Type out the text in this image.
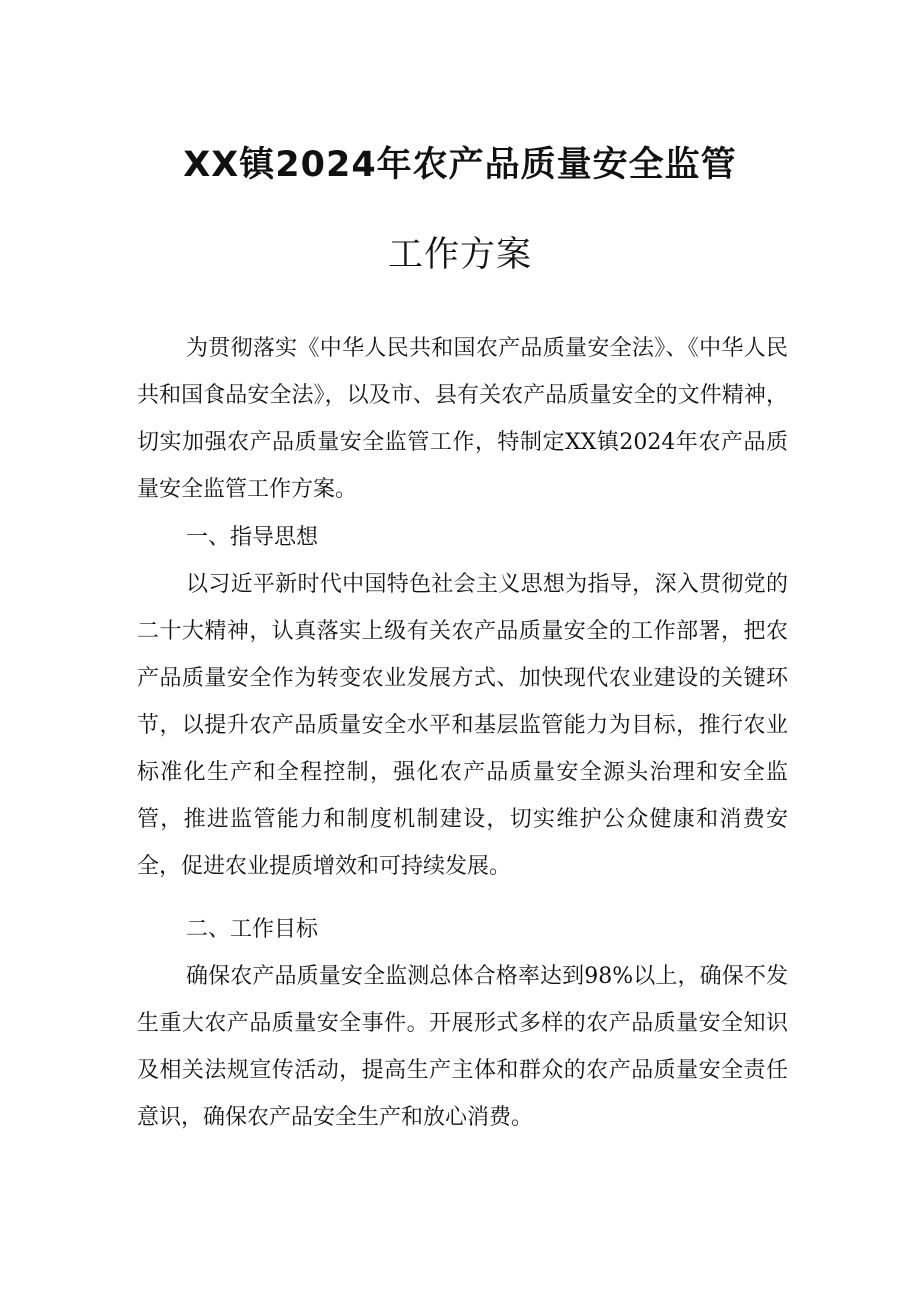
XX镇2024年农产品质量安全监管
工作方案

为贯彻落实《中华人民共和国农产品质量安全法》、《中华人民共和国食品安全法》，以及市、县有关农产品质量安全的文件精神，切实加强农产品质量安全监管工作，特制定XX镇2024年农产品质量安全监管工作方案。

一、指导思想

以习近平新时代中国特色社会主义思想为指导，深入贯彻党的二十大精神，认真落实上级有关农产品质量安全的工作部署，把农产品质量安全作为转变农业发展方式、加快现代农业建设的关键环节，以提升农产品质量安全水平和基层监管能力为目标，推行农业标准化生产和全程控制，强化农产品质量安全源头治理和安全监管，推进监管能力和制度机制建设，切实维护公众健康和消费安全，促进农业提质增效和可持续发展。

二、工作目标

确保农产品质量安全监测总体合格率达到98%以上，确保不发生重大农产品质量安全事件。开展形式多样的农产品质量安全知识及相关法规宣传活动，提高生产主体和群众的农产品质量安全责任意识，确保农产品安全生产和放心消费。
